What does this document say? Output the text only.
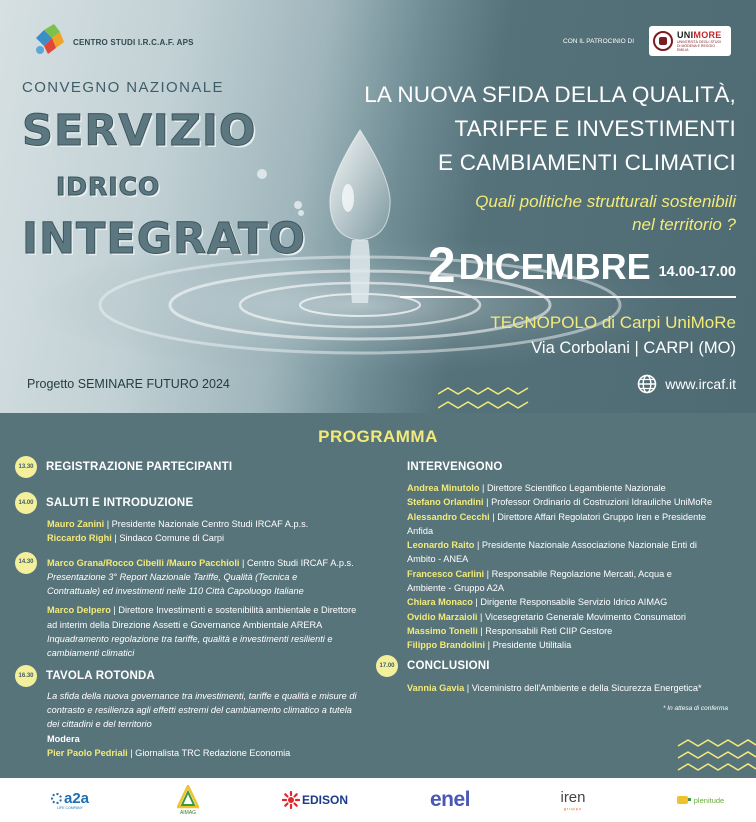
CENTRO STUDI I.R.C.A.F. APS	CON IL PATROCINIO DI
UNIMORE
UNIVERSITÀ DEGLI STUDI DI MODENA E REGGIO EMILIA
CONVEGNO NAZIONALE
SERVIZIO
IDRICO
INTEGRATO
Progetto SEMINARE FUTURO 2024
LA NUOVA SFIDA DELLA QUALITÀ,
TARIFFE E INVESTIMENTI
E CAMBIAMENTI CLIMATICI
Quali politiche strutturali sostenibili
nel territorio ?
2 DICEMBRE 14.00-17.00
TECNOPOLO di Carpi UniMoRe
Via Corbolani | CARPI (MO)
www.ircaf.it
PROGRAMMA
13.30	REGISTRAZIONE PARTECIPANTI
14.00	SALUTI E INTRODUZIONE

Mauro Zanini | Presidente Nazionale Centro Studi IRCAF A.p.s.

Riccardo Righi | Sindaco Comune di Carpi

14.30	Marco Grana/Rocco Cibelli /Mauro Pacchioli | Centro Studi IRCAF A.p.s.

Presentazione 3° Report Nazionale Tariffe, Qualità (Tecnica e

Contrattuale) ed investimenti nelle 110 Città Capoluogo Italiane

Marco Delpero | Direttore Investimenti e sostenibilità ambientale e Direttore

ad interim della Direzione Assetti e Governance Ambientale ARERA

Inquadramento regolazione tra tariffe, qualità e investimenti resilienti e

cambiamenti climatici

16.30	TAVOLA ROTONDA

La sfida della nuova governance tra investimenti, tariffe e qualità e misure di

contrasto e resilienza agli effetti estremi del cambiamento climatico a tutela

dei cittadini e del territorio

Modera

Pier Paolo Pedriali | Giornalista TRC Redazione Economia

INTERVENGONO

Andrea Minutolo | Direttore Scientifico Legambiente Nazionale

Stefano Orlandini | Professor Ordinario di Costruzioni Idrauliche UniMoRe

Alessandro Cecchi | Direttore Affari Regolatori Gruppo Iren e Presidente

Anfida

Leonardo Raito | Presidente Nazionale Associazione Nazionale Enti di

Ambito - ANEA

Francesco Carlini | Responsabile Regolazione Mercati, Acqua e

Ambiente - Gruppo A2A

Chiara Monaco | Dirigente Responsabile Servizio Idrico AIMAG

Ovidio Marzaioli | Vicesegretario Generale Movimento Consumatori

Massimo Tonelli | Responsabili Reti CIIP Gestore

Filippo Brandolini | Presidente Utilitalia

17.00	CONCLUSIONI

Vannia Gavia | Viceministro dell'Ambiente e della Sicurezza Energetica*

* In attesa di conferma
a2a
LIFE COMPANY
AIMAG
EDISON	enel	iren
gruppo
plenitude
